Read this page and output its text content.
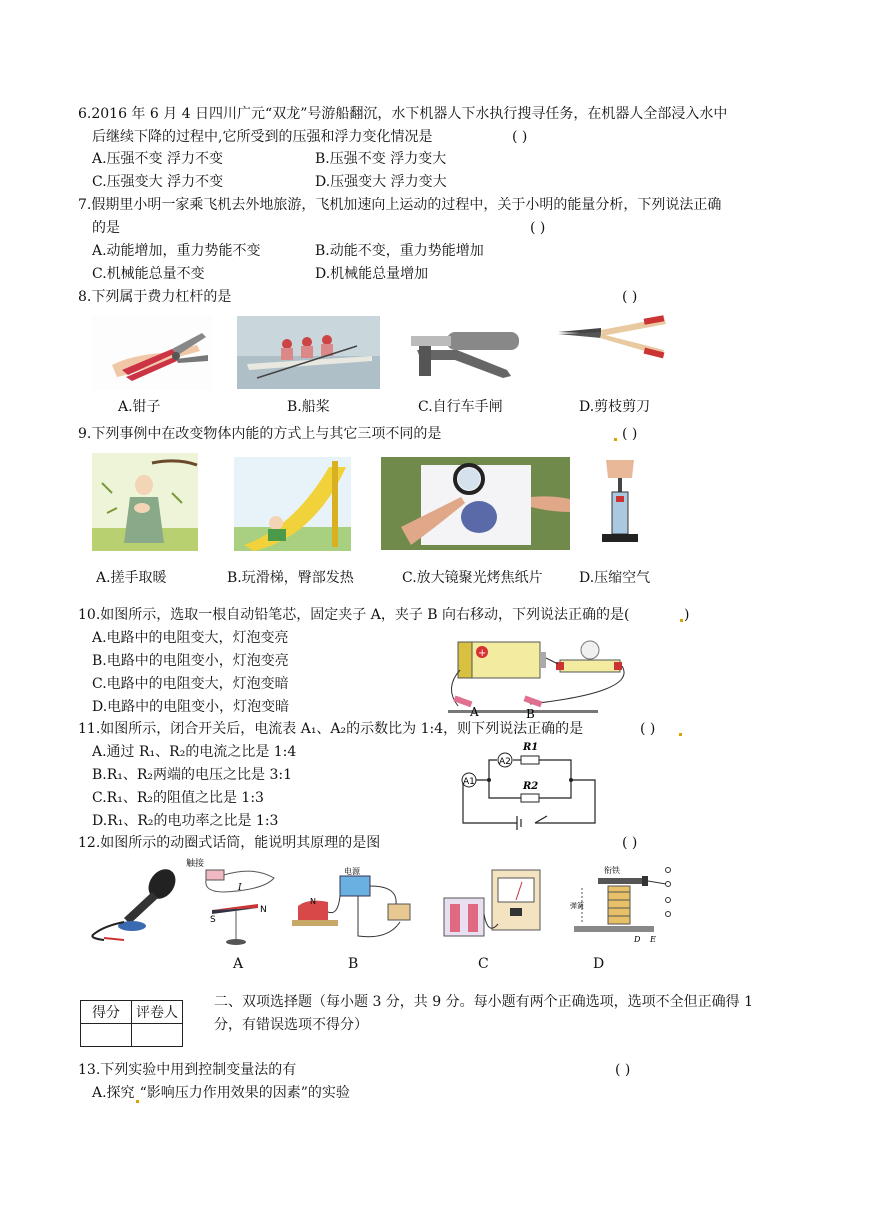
6.2016 年 6 月 4 日四川广元“双龙”号游船翻沉，水下机器人下水执行搜寻任务，在机器人全部浸入水中
后继续下降的过程中,它所受到的压强和浮力变化情况是	( )
A.压强不变 浮力不变	B.压强不变 浮力变大
C.压强变大 浮力不变	D.压强变大 浮力变大
7.假期里小明一家乘飞机去外地旅游，飞机加速向上运动的过程中，关于小明的能量分析，下列说法正确
的是	( )
A.动能增加，重力势能不变	B.动能不变，重力势能增加
C.机械能总量不变	D.机械能总量增加
8.下列属于费力杠杆的是	( )
A.钳子	B.船桨	C.自行车手闸	D.剪枝剪刀
9.下列事例中在改变物体内能的方式上与其它三项不同的是	( )
A.搓手取暖	B.玩滑梯，臀部发热	C.放大镜聚光烤焦纸片	D.压缩空气
10.如图所示，选取一根自动铅笔芯，固定夹子 A，夹子 B 向右移动，下列说法正确的是(	)
A.电路中的电阻变大，灯泡变亮
B.电路中的电阻变小，灯泡变亮
C.电路中的电阻变大，灯泡变暗
D.电路中的电阻变小，灯泡变暗
+
A	B
11.如图所示，闭合开关后，电流表 A₁、A₂的示数比为 1:4，则下列说法正确的是	( )
A.通过 R₁、R₂的电流之比是 1:4
B.R₁、R₂两端的电压之比是 3:1
C.R₁、R₂的阻值之比是 1:3
D.R₁、R₂的电功率之比是 1:3
A1
A2
R1
R2
12.如图所示的动圈式话筒，能说明其原理的是图	( )
触接
I
S
N
电源
N
衔铁
弹簧
D E
A	B	C	D
得分	评卷人

二、双项选择题（每小题 3 分，共 9 分。每小题有两个正确选项，选项不全但正确得 1
分，有错误选项不得分）
13.下列实验中用到控制变量法的有	( )
A.探究 “影响压力作用效果的因素”的实验
